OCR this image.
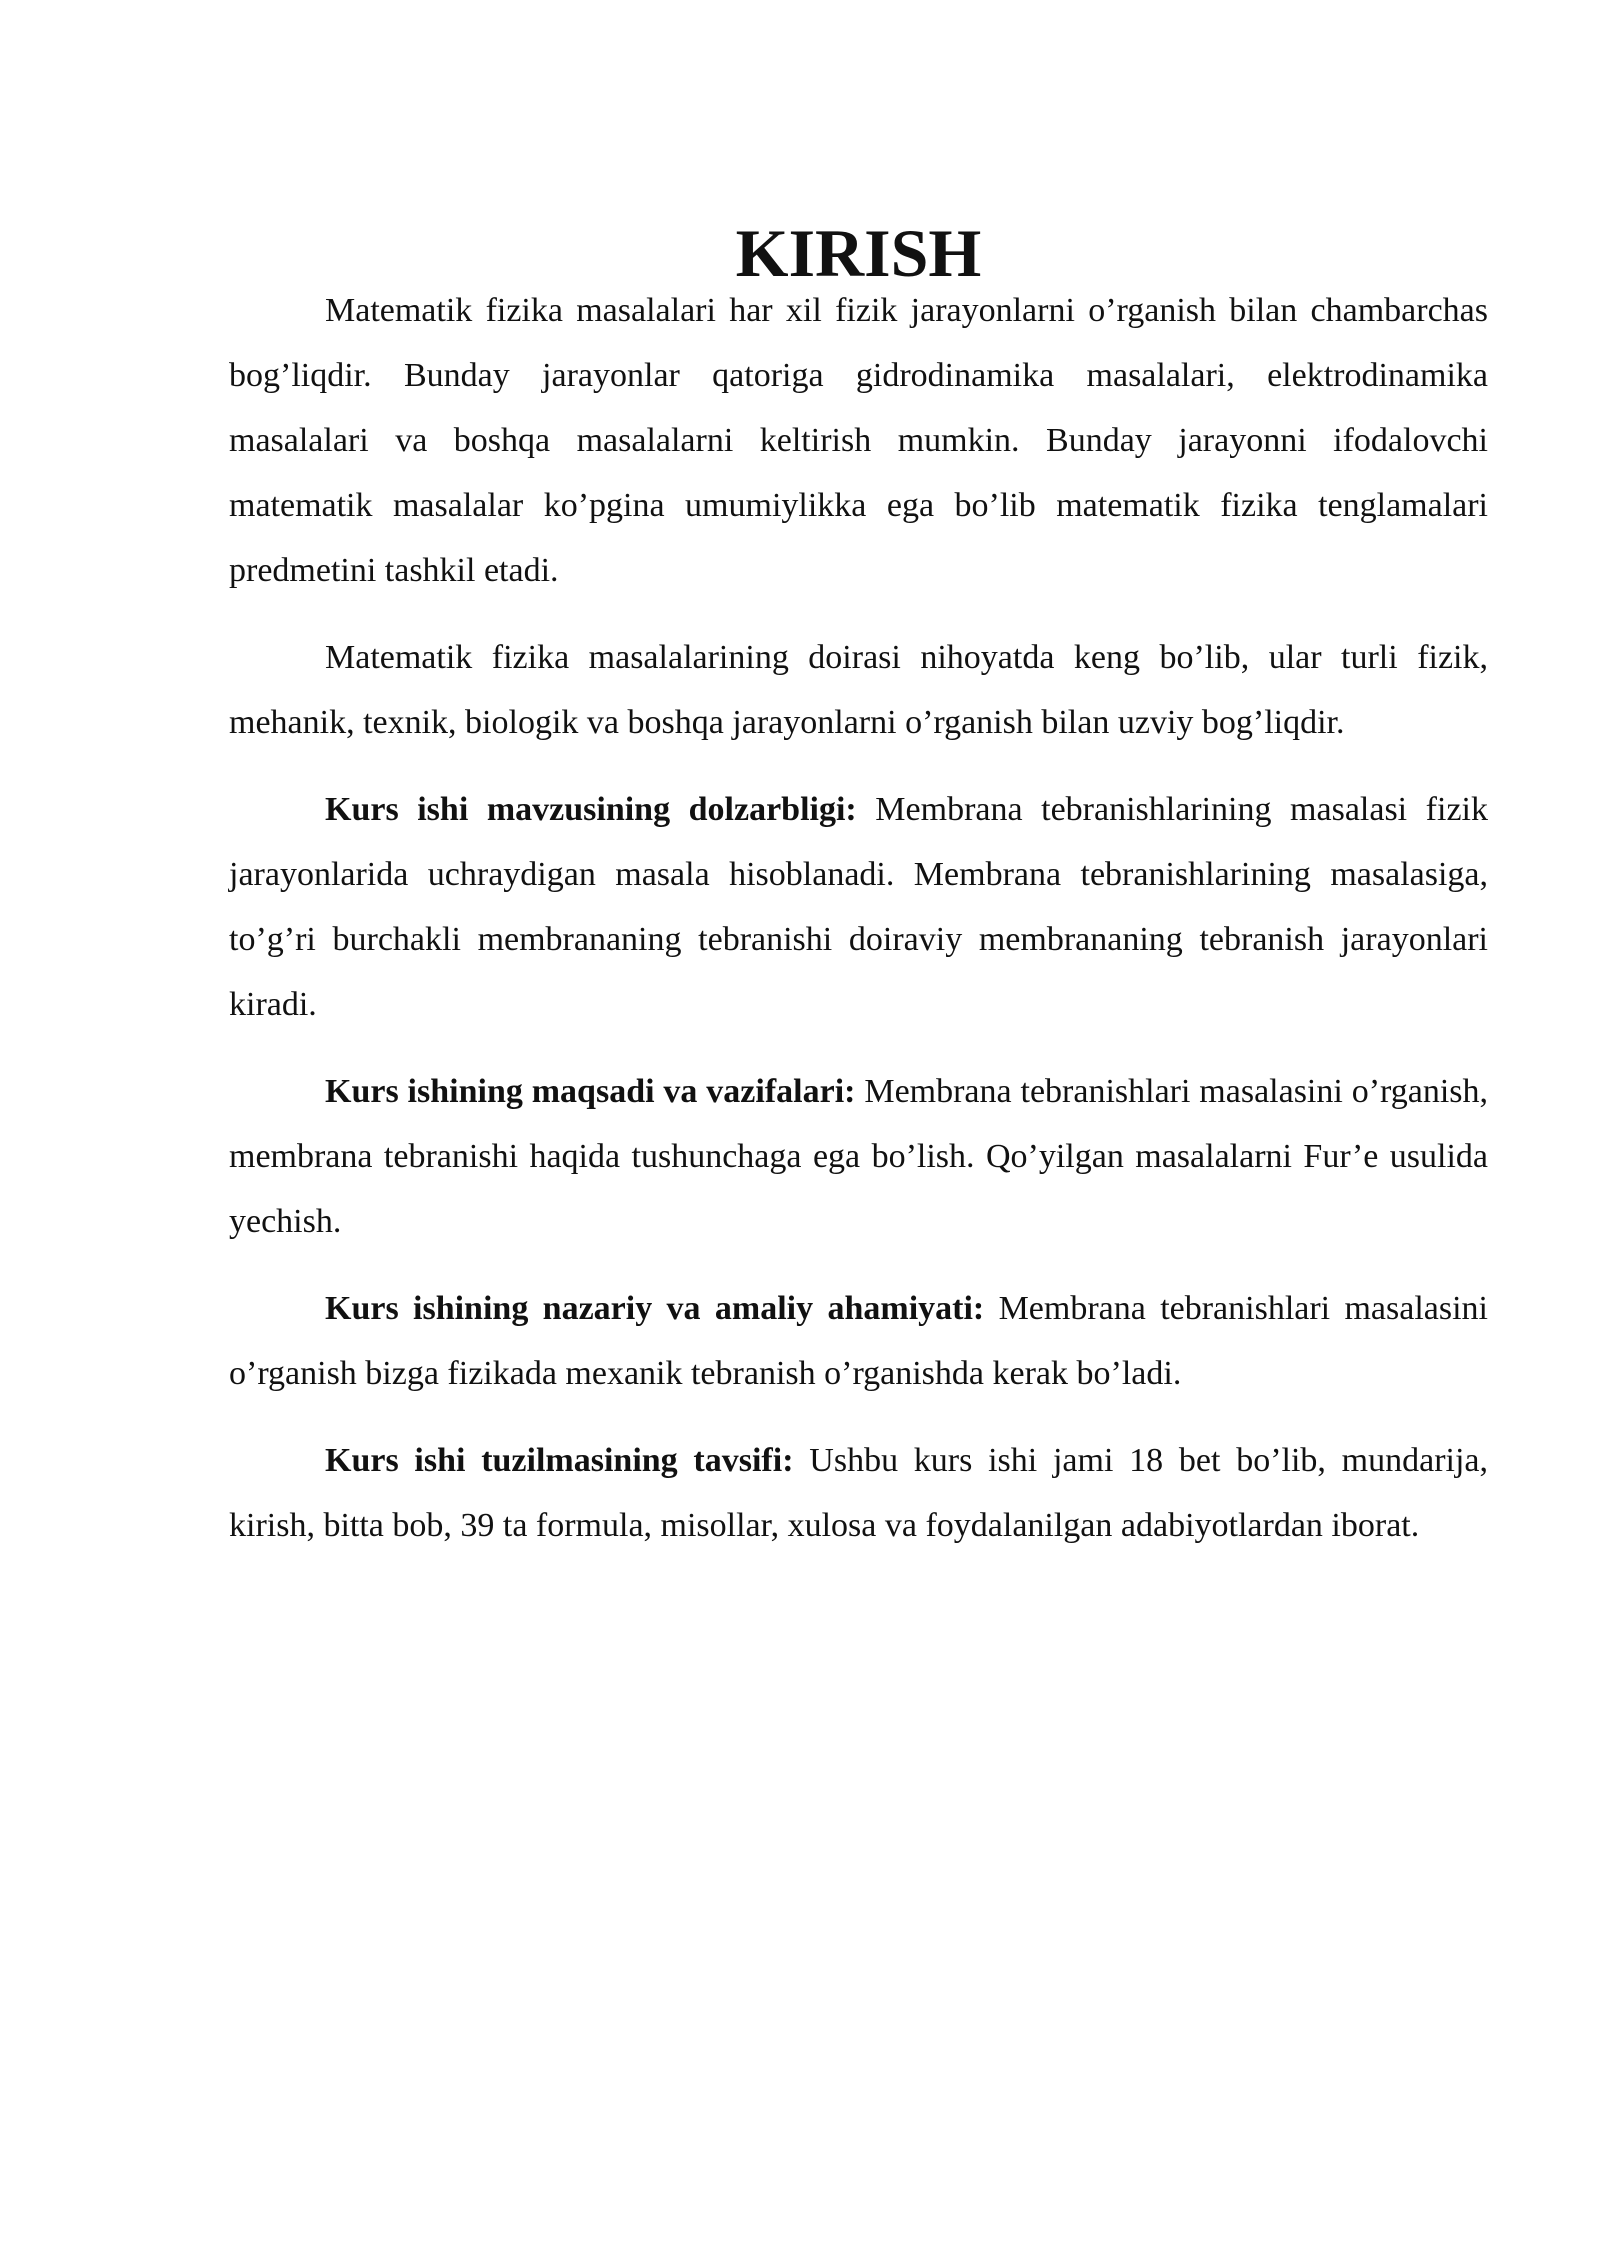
KIRISH

Matematik fizika masalalari har xil fizik jarayonlarni o’rganish bilan chambarchas bog’liqdir. Bunday jarayonlar qatoriga gidrodinamika masalalari, elektrodinamika masalalari va boshqa masalalarni keltirish mumkin. Bunday jarayonni ifodalovchi matematik masalalar ko’pgina umumiylikka ega bo’lib matematik fizika tenglamalari predmetini tashkil etadi.

Matematik fizika masalalarining doirasi nihoyatda keng bo’lib, ular turli fizik, mehanik, texnik, biologik va boshqa jarayonlarni o’rganish bilan uzviy bog’liqdir.

Kurs ishi mavzusining dolzarbligi: Membrana tebranishlarining masalasi fizik jarayonlarida uchraydigan masala hisoblanadi. Membrana tebranishlarining masalasiga, to’g’ri burchakli membrananing tebranishi doiraviy membrananing tebranish jarayonlari kiradi.

Kurs ishining maqsadi va vazifalari: Membrana tebranishlari masalasini o’rganish, membrana tebranishi haqida tushunchaga ega bo’lish. Qo’yilgan masalalarni Fur’e usulida yechish.

Kurs ishining nazariy va amaliy ahamiyati: Membrana tebranishlari masalasini o’rganish bizga fizikada mexanik tebranish o’rganishda kerak bo’ladi.

Kurs ishi tuzilmasining tavsifi: Ushbu kurs ishi jami 18 bet bo’lib, mundarija, kirish, bitta bob, 39 ta formula, misollar, xulosa va foydalanilgan adabiyotlardan iborat.
